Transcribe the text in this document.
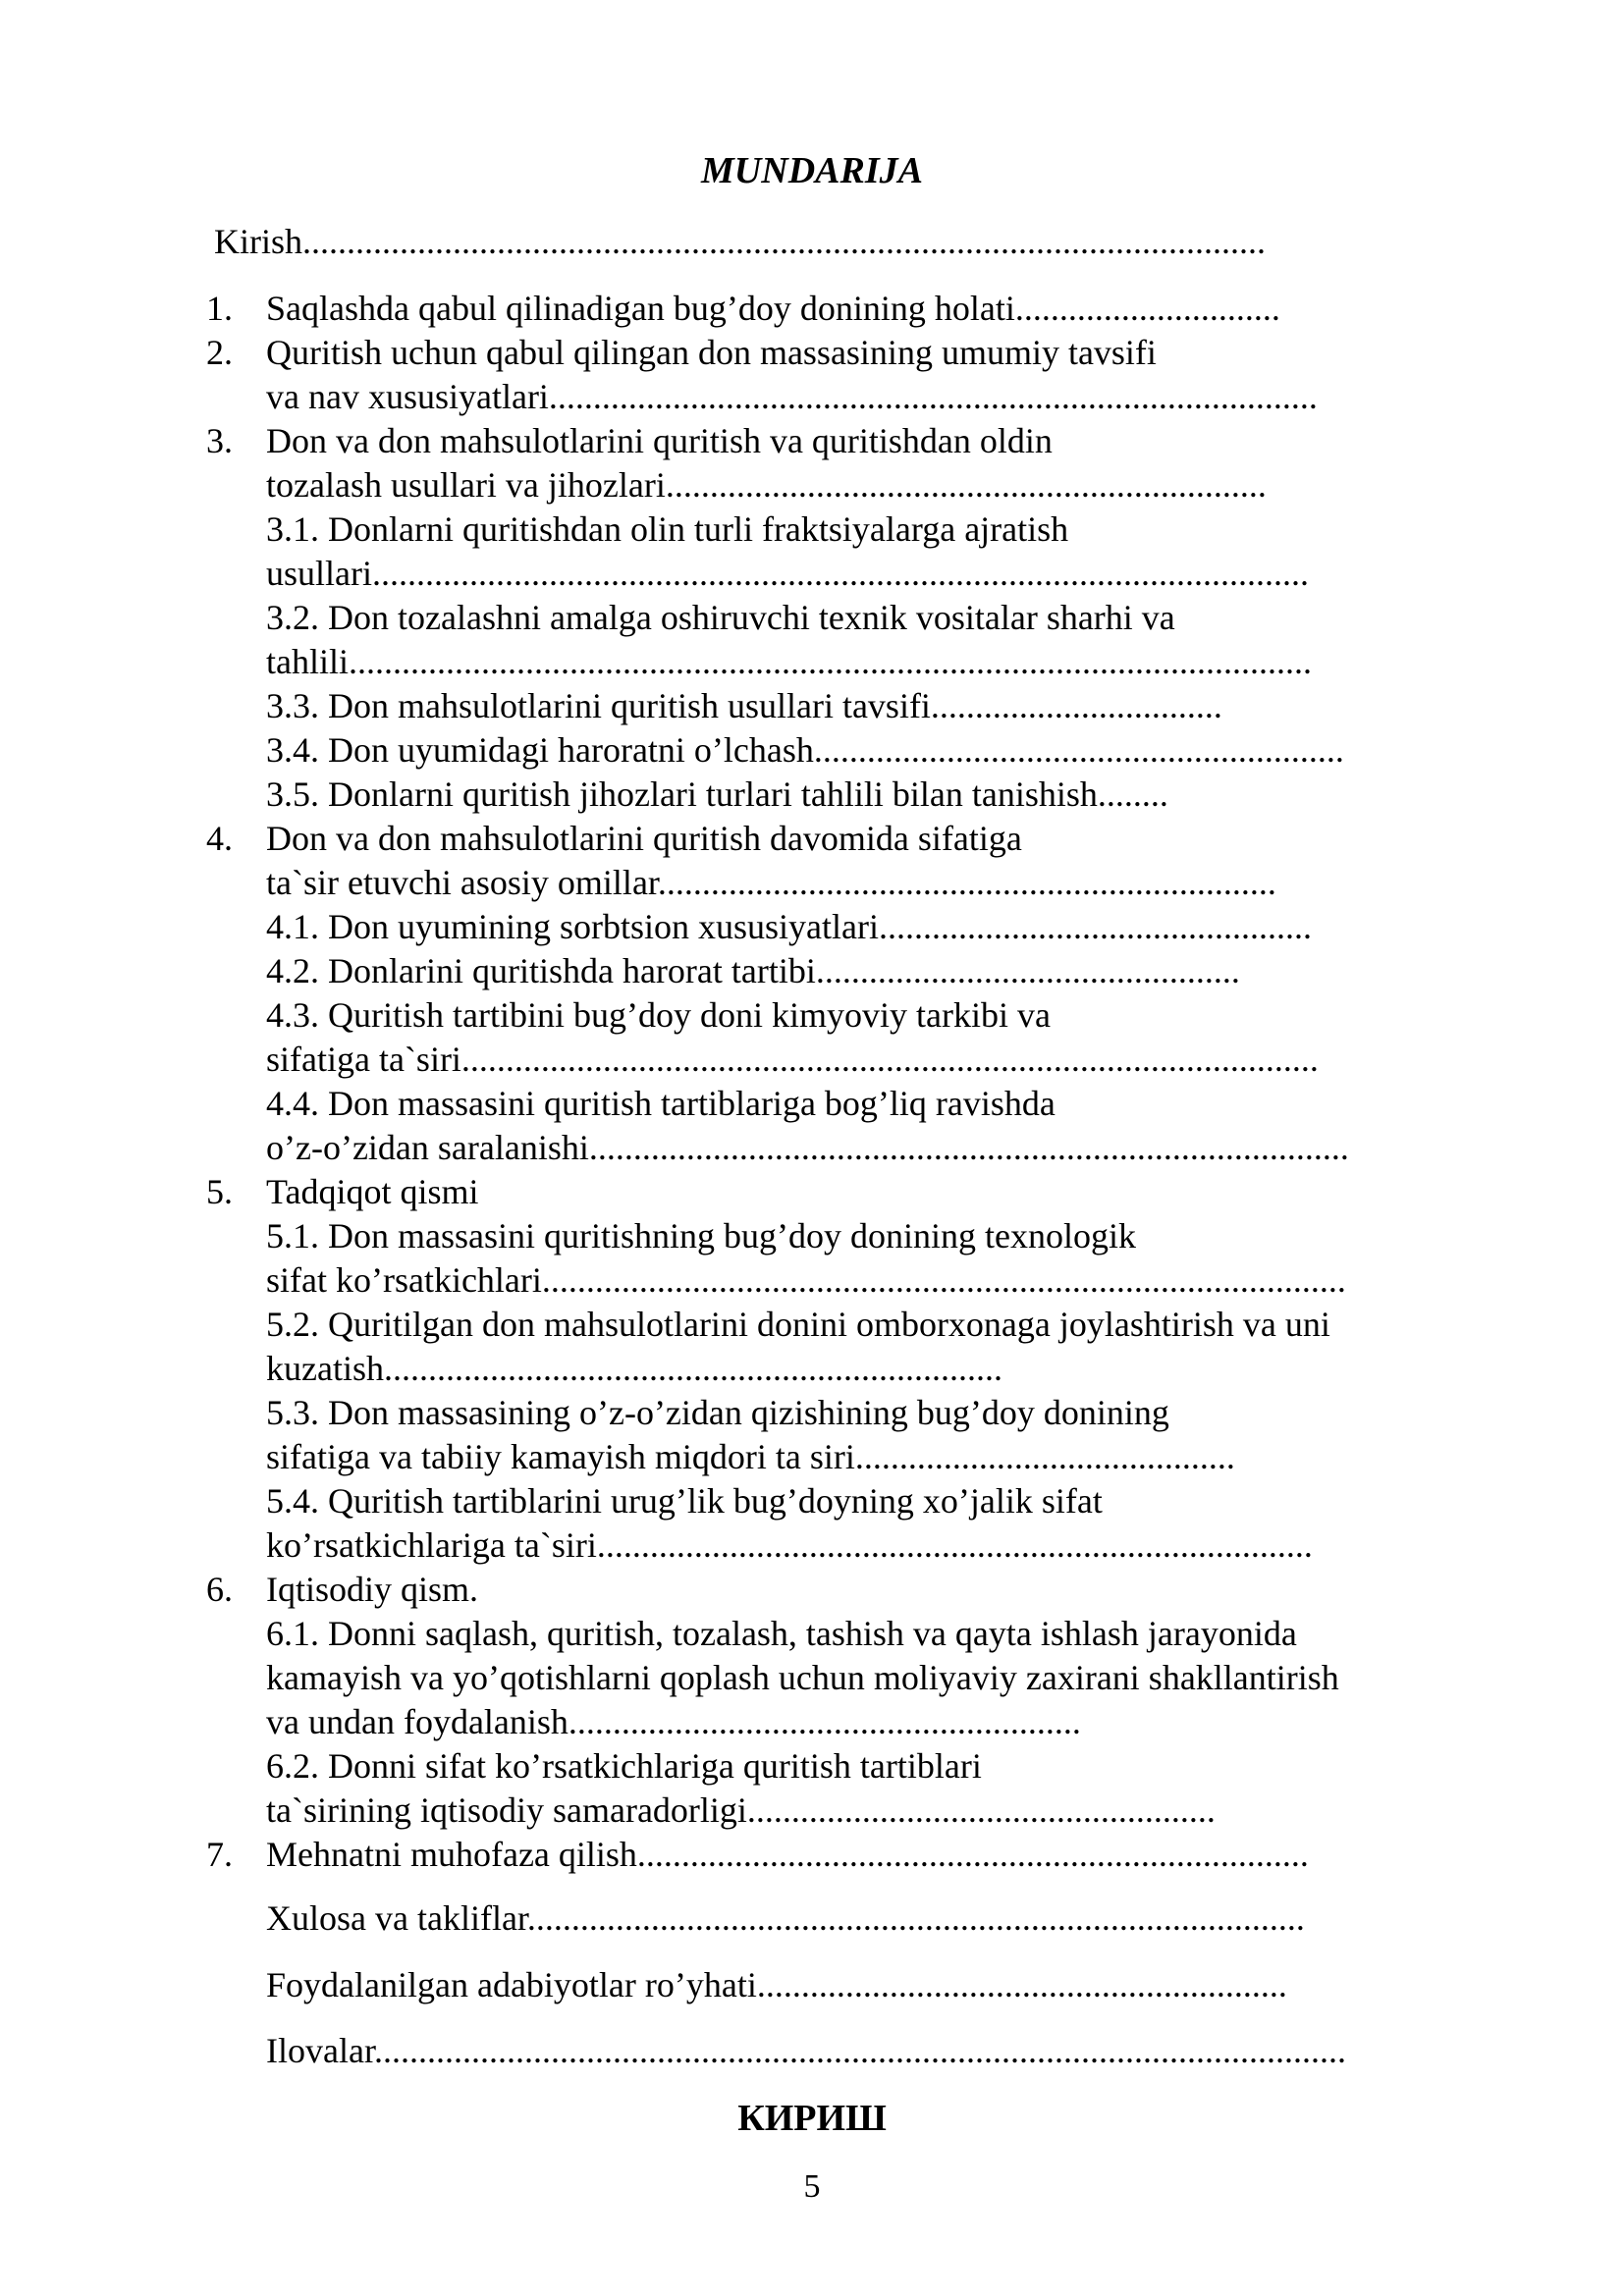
MUNDARIJA
Kirish.............................................................................................................
1. Saqlashda qabul qilinadigan bug’doy donining holati..............................
2. Quritish uchun qabul qilingan don massasining umumiy tavsifi
va nav xususiyatlari.......................................................................................
3. Don va don mahsulotlarini quritish va quritishdan oldin
tozalash usullari va jihozlari....................................................................
3.1. Donlarni quritishdan olin turli fraktsiyalarga ajratish
usullari..........................................................................................................
3.2. Don tozalashni amalga oshiruvchi texnik vositalar sharhi va
tahlili.............................................................................................................
3.3. Don mahsulotlarini quritish usullari tavsifi.................................
3.4. Don uyumidagi haroratni o’lchash............................................................
3.5. Donlarni quritish jihozlari turlari tahlili bilan tanishish........
4. Don va don mahsulotlarini quritish davomida sifatiga
ta`sir etuvchi asosiy omillar......................................................................
4.1. Don uyumining sorbtsion xususiyatlari.................................................
4.2. Donlarini quritishda harorat tartibi................................................
4.3. Quritish tartibini bug’doy doni kimyoviy tarkibi va
sifatiga ta`siri.................................................................................................
4.4. Don massasini quritish tartiblariga bog’liq ravishda
o’z-o’zidan saralanishi......................................................................................
5. Tadqiqot qismi
5.1. Don massasini quritishning bug’doy donining texnologik
sifat ko’rsatkichlari...........................................................................................
5.2. Quritilgan don mahsulotlarini donini omborxonaga joylashtirish va uni
kuzatish......................................................................
5.3. Don massasining o’z-o’zidan qizishining bug’doy donining
sifatiga va tabiiy kamayish miqdori ta siri...........................................
5.4. Quritish tartiblarini urug’lik bug’doyning xo’jalik sifat
ko’rsatkichlariga ta`siri.................................................................................
6. Iqtisodiy qism.
6.1. Donni saqlash, quritish, tozalash, tashish va qayta ishlash jarayonida
kamayish va yo’qotishlarni qoplash uchun moliyaviy zaxirani shakllantirish
va undan foydalanish..........................................................
6.2. Donni sifat ko’rsatkichlariga quritish tartiblari
ta`sirining iqtisodiy samaradorligi.....................................................
7. Mehnatni muhofaza qilish............................................................................
Xulosa va takliflar........................................................................................
Foydalanilgan adabiyotlar ro’yhati............................................................
Ilovalar..............................................................................................................
КИРИШ
5
